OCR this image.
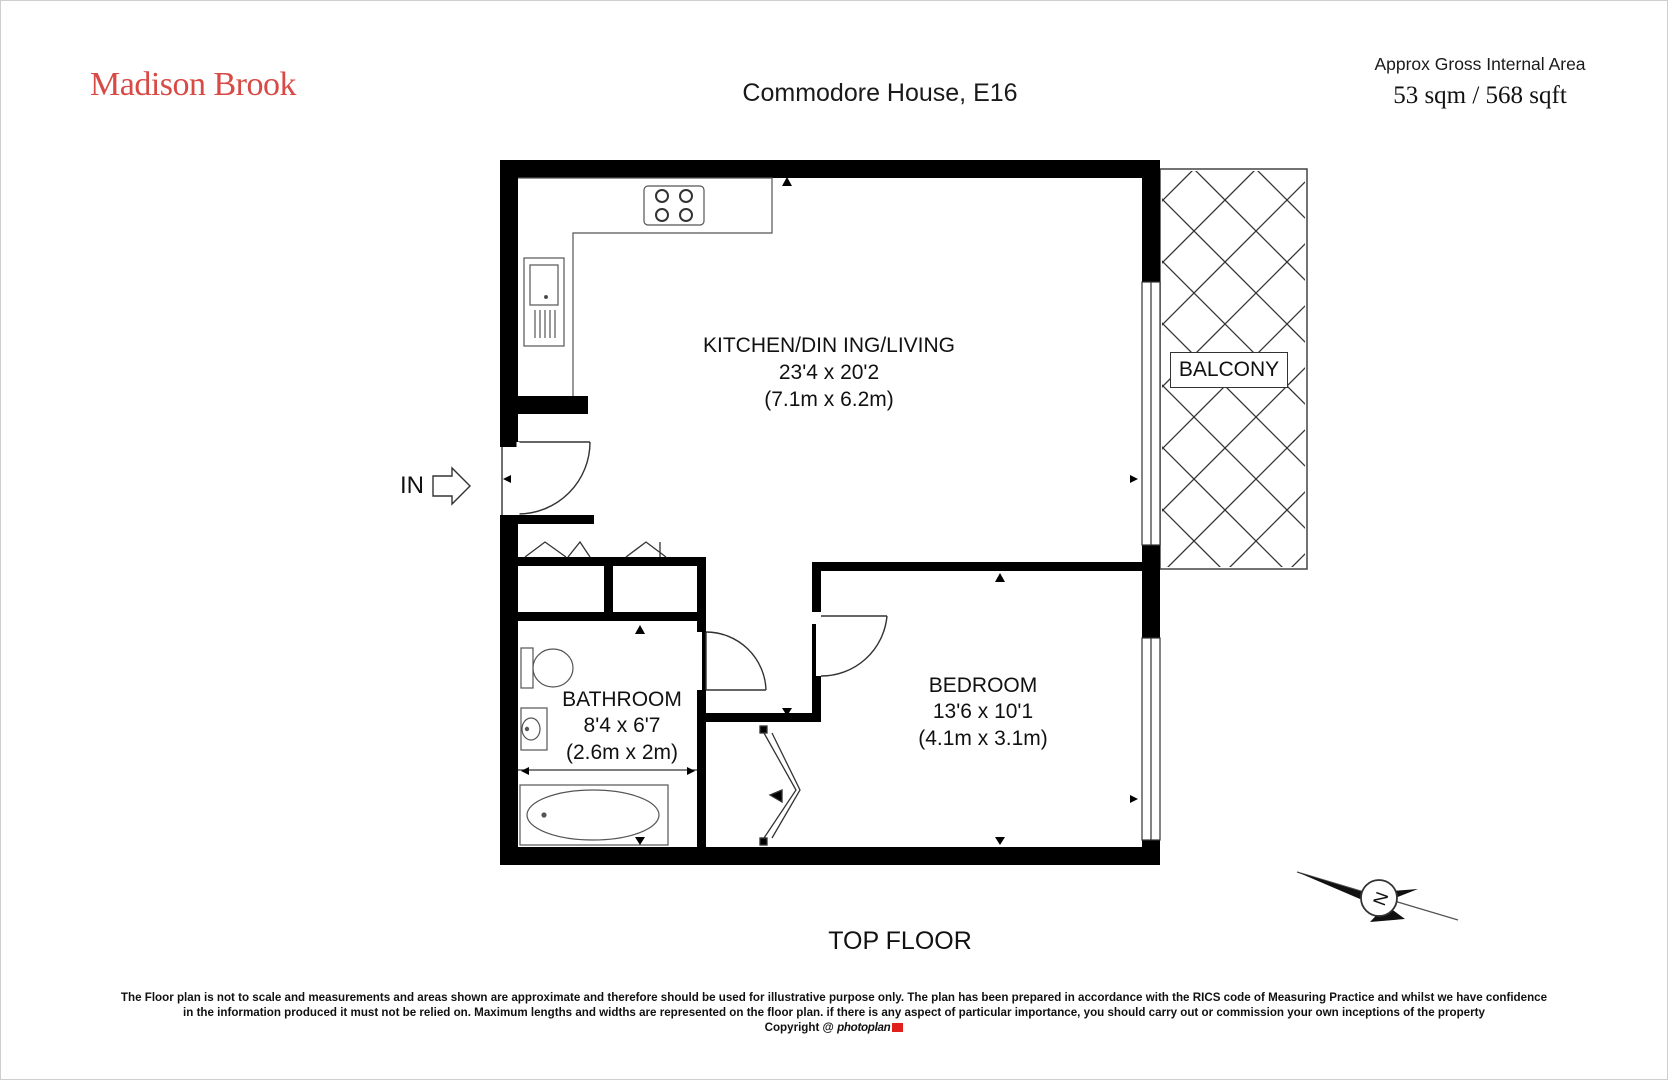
Madison Brook	Commodore House, E16
Approx Gross Internal Area
53 sqm / 568 sqft
N
KITCHEN/DIN ING/LIVING
23'4 x 20'2
(7.1m x 6.2m)
BEDROOM
13'6 x 10'1
(4.1m x 3.1m)
BATHROOM
8'4 x 6'7
(2.6m x 2m)
BALCONY
IN
TOP FLOOR
The Floor plan is not to scale and measurements and areas shown are approximate and therefore should be used for illustrative purpose only. The plan has been prepared in accordance with the RICS code of Measuring Practice and whilst we have confidence in the information produced it must not be relied on. Maximum lengths and widths are represented on the floor plan. if there is any aspect of particular importance, you should carry out or commission your own inceptions of the property
Copyright @ photoplan
